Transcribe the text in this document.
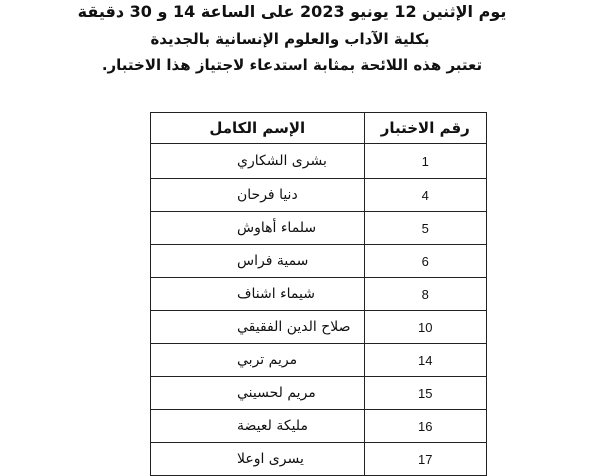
يوم الإثنين 12 يونيو 2023 على الساعة 14 و 30 دقيقة
بكلية الآداب والعلوم الإنسانية بالجديدة
تعتبر هذه اللائحة بمثابة استدعاء لاجتياز هذا الاختبار.
رقم الاختبار	الإسم الكامل
1	بشرى الشكاري
4	دنيا فرحان
5	سلماء أهاوش
6	سمية فراس
8	شيماء اشناف
10	صلاح الدين الفقيقي
14	مريم تربي
15	مريم لحسيني
16	مليكة لعيضة
17	يسرى اوعلا
